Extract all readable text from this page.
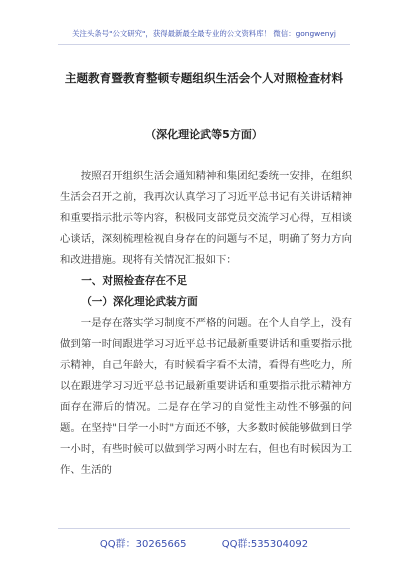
关注头条号"公文研究"，获得最新最全最专业的公文资料库！ 微信：gongwenyj
主题教育暨教育整顿专题组织生活会个人对照检查材料
（深化理论武等5方面）

按照召开组织生活会通知精神和集团纪委统一安排，在组织生活会召开之前，我再次认真学习了习近平总书记有关讲话精神和重要指示批示等内容，积极同支部党员交流学习心得，互相谈心谈话，深刻梳理检视自身存在的问题与不足，明确了努力方向和改进措施。现将有关情况汇报如下：

一、对照检查存在不足

（一）深化理论武装方面

一是存在落实学习制度不严格的问题。在个人自学上，没有做到第一时间跟进学习习近平总书记最新重要讲话和重要指示批示精神，自己年龄大，有时候看字看不太清，看得有些吃力，所以在跟进学习习近平总书记最新重要讲话和重要指示批示精神方面存在滞后的情况。二是存在学习的自觉性主动性不够强的问题。在坚持"日学一小时"方面还不够，大多数时候能够做到日学一小时，有些时候可以做到学习两小时左右，但也有时候因为工作、生活的

QQ群：30265665	QQ群:535304092
